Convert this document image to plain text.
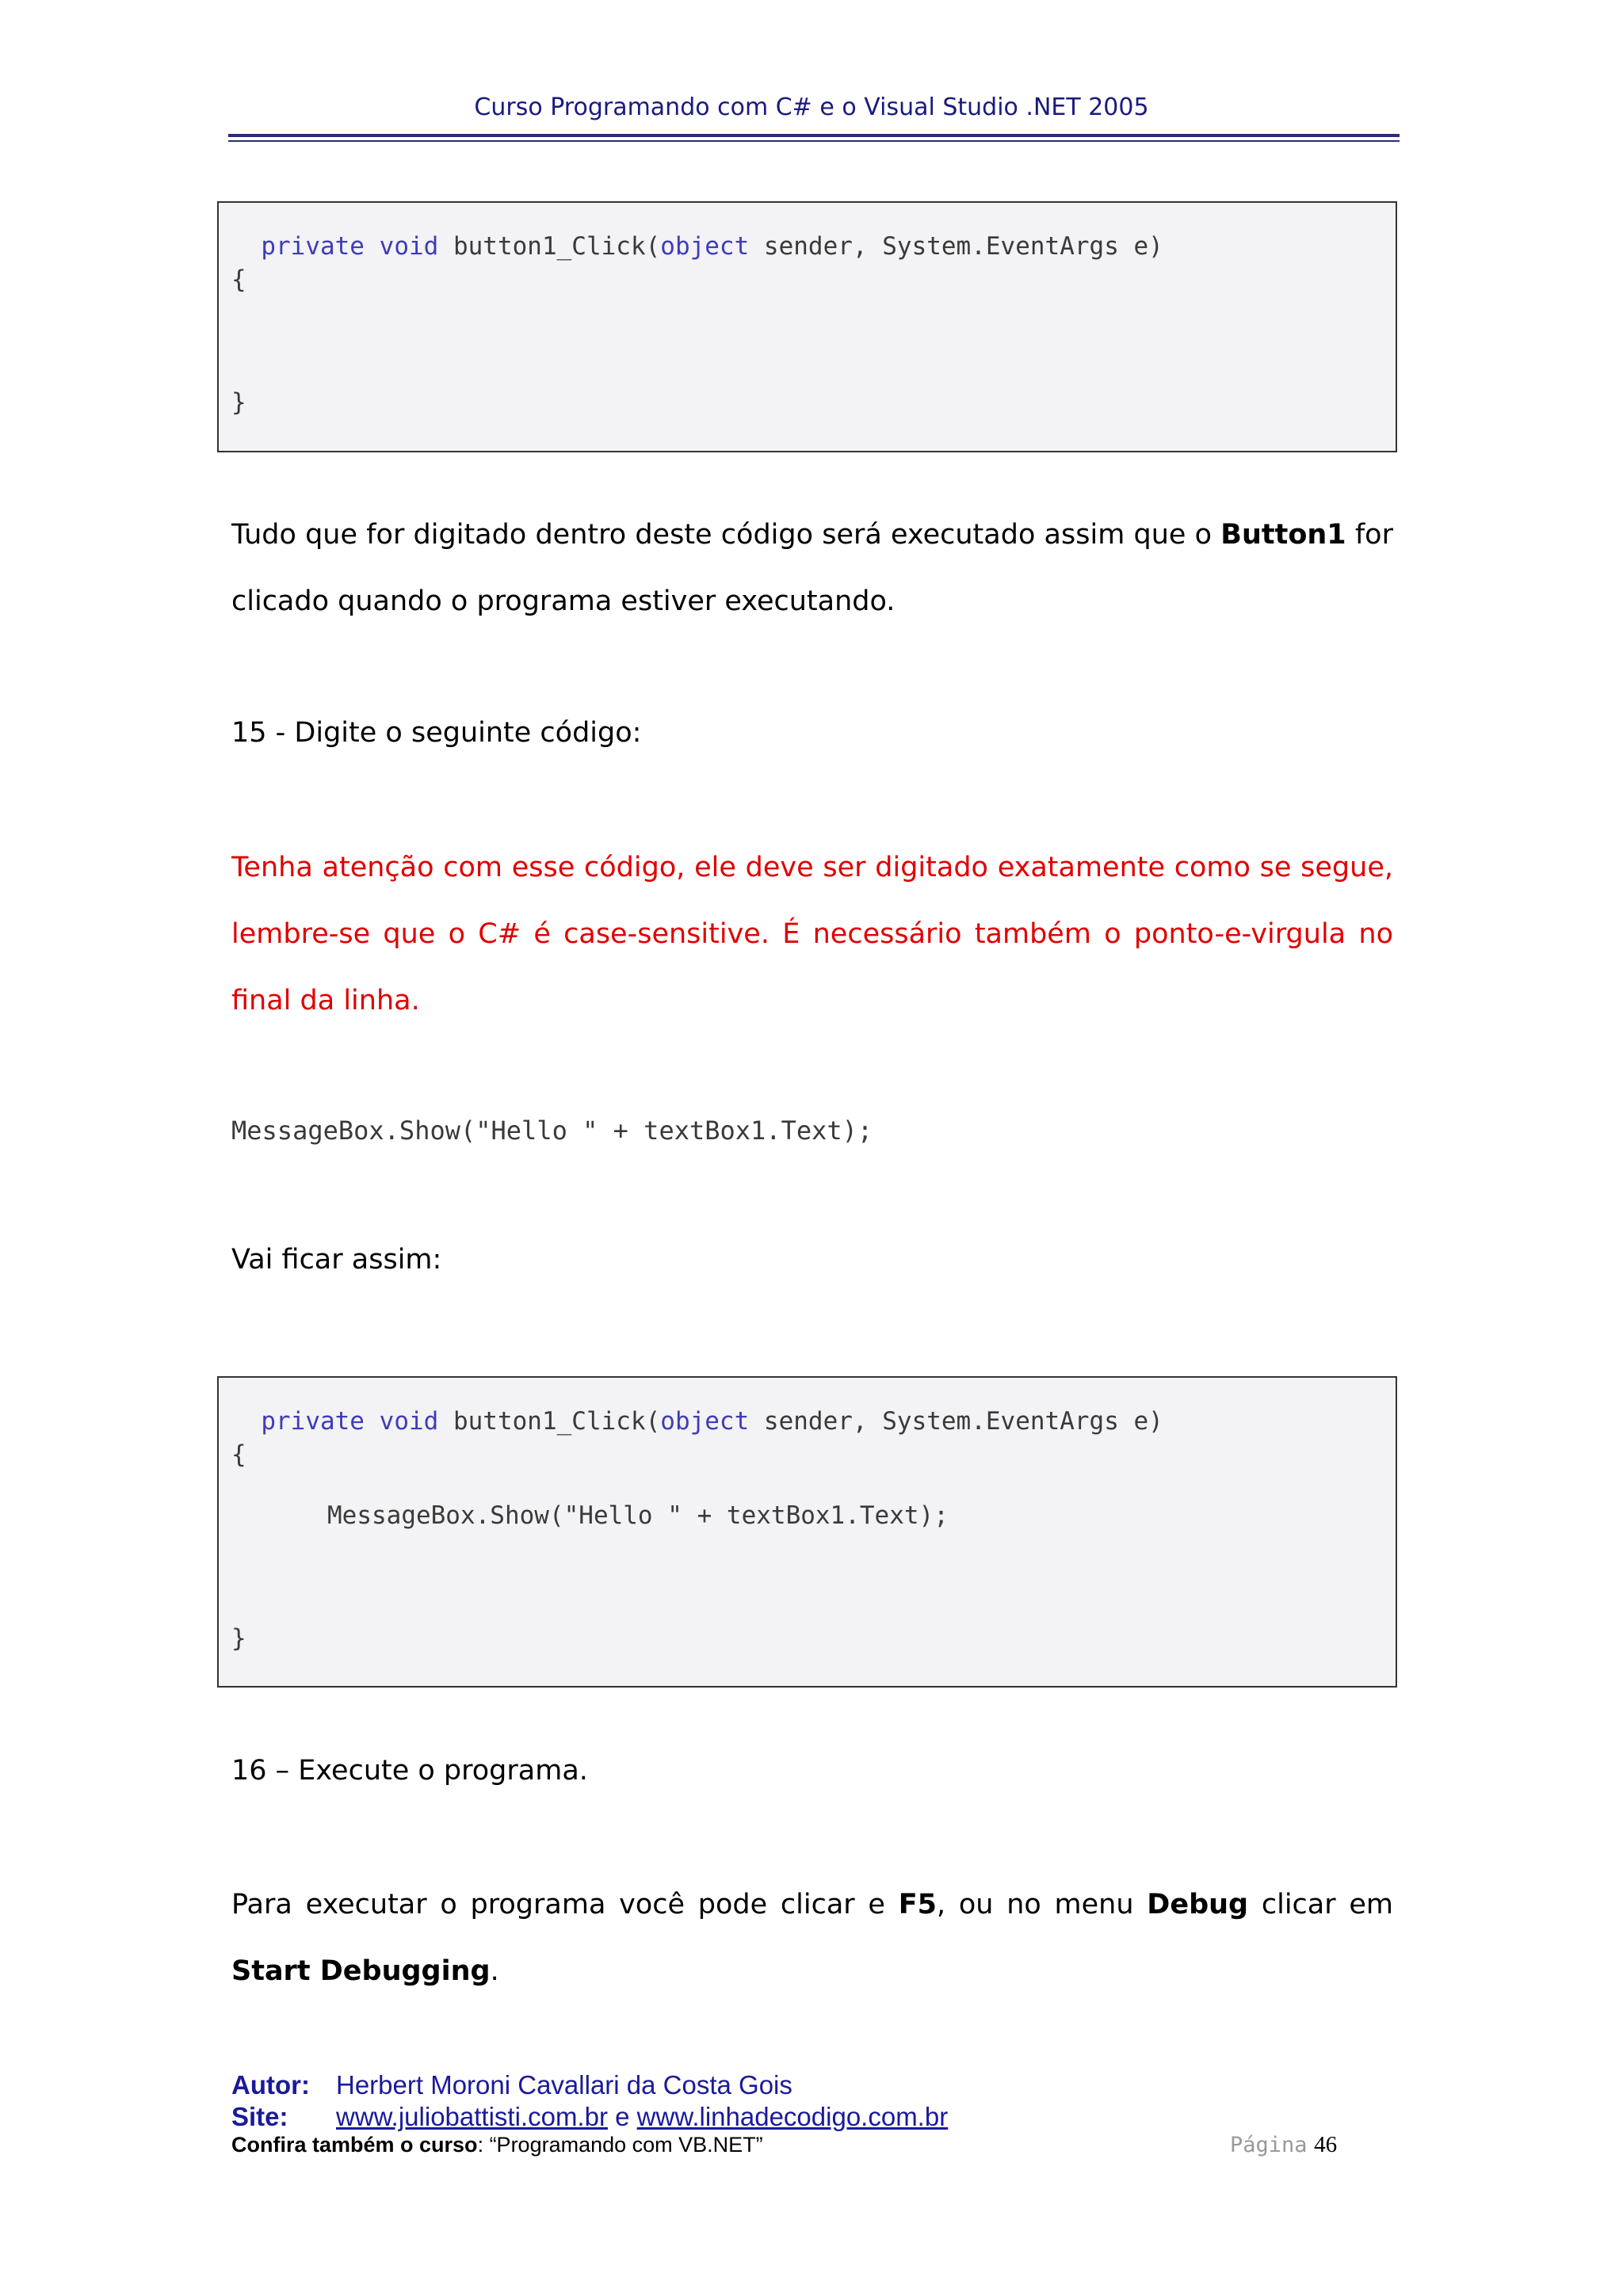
Curso Programando com C# e o Visual Studio .NET 2005

private void button1_Click(object sender, System.EventArgs e)

{
}
Tudo que for digitado dentro deste código será executado assim que o Button1 for clicado quando o programa estiver executando.
15 - Digite o seguinte código:
Tenha atenção com esse código, ele deve ser digitado exatamente como se segue, lembre-se que o C# é case-sensitive. É necessário também o ponto-e-virgula no final da linha.
MessageBox.Show("Hello " + textBox1.Text);
Vai ficar assim:

private void button1_Click(object sender, System.EventArgs e)

{
MessageBox.Show("Hello " + textBox1.Text);
}
16 – Execute o programa.
Para executar o programa você pode clicar e F5, ou no menu Debug clicar em Start Debugging.
Autor: Herbert Moroni Cavallari da Costa Gois
Site: www.juliobattisti.com.br e www.linhadecodigo.com.br
Confira também o curso: “Programando com VB.NET”	Página 46
